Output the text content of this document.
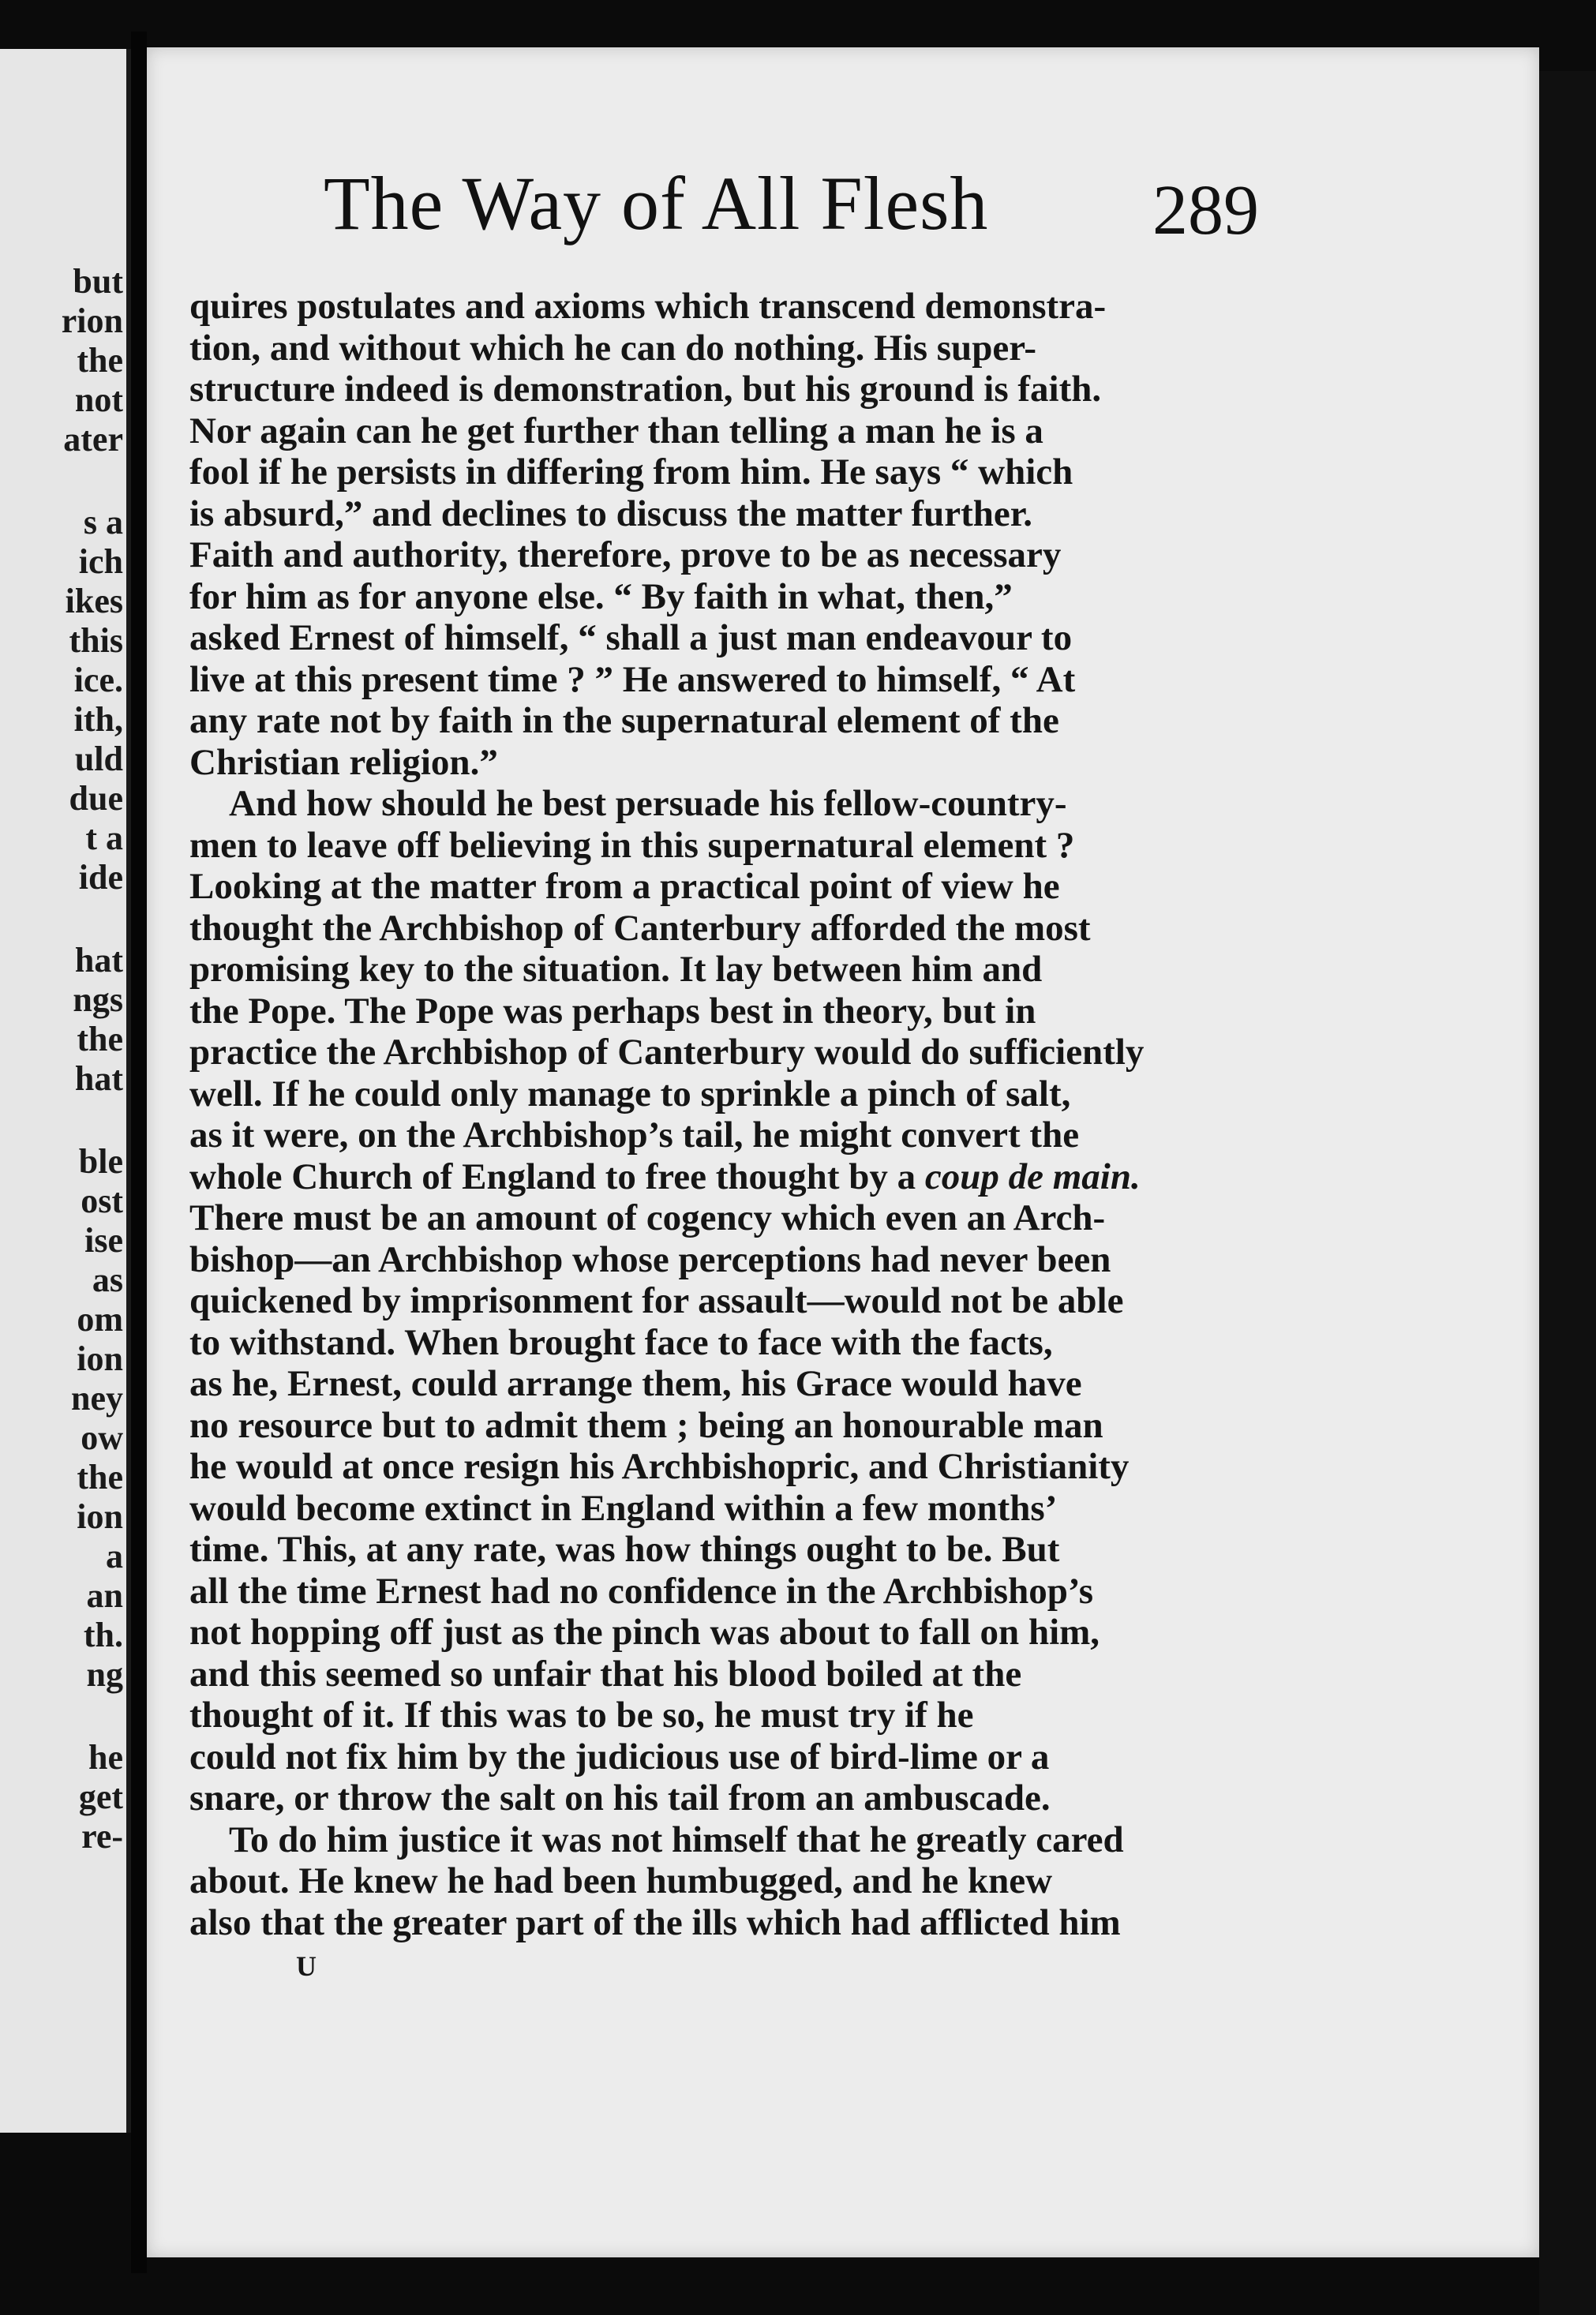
but
rion
the
not
ater
s a
ich
ikes
this
ice.
ith,
uld
due
t a
ide
hat
ngs
the
hat
ble
ost
ise
as
om
ion
ney
ow
the
ion
a
an
th.
ng
he
get
re-
The Way of All Flesh 289
quires postulates and axioms which transcend demonstra-
tion, and without which he can do nothing. His super-
structure indeed is demonstration, but his ground is faith.
Nor again can he get further than telling a man he is a
fool if he persists in differing from him. He says “ which
is absurd,” and declines to discuss the matter further.
Faith and authority, therefore, prove to be as necessary
for him as for anyone else. “ By faith in what, then,”
asked Ernest of himself, “ shall a just man endeavour to
live at this present time ? ” He answered to himself, “ At
any rate not by faith in the supernatural element of the
Christian religion.”
And how should he best persuade his fellow-country-
men to leave off believing in this supernatural element ?
Looking at the matter from a practical point of view he
thought the Archbishop of Canterbury afforded the most
promising key to the situation. It lay between him and
the Pope. The Pope was perhaps best in theory, but in
practice the Archbishop of Canterbury would do sufficiently
well. If he could only manage to sprinkle a pinch of salt,
as it were, on the Archbishop’s tail, he might convert the
whole Church of England to free thought by a coup de main.
There must be an amount of cogency which even an Arch-
bishop—an Archbishop whose perceptions had never been
quickened by imprisonment for assault—would not be able
to withstand. When brought face to face with the facts,
as he, Ernest, could arrange them, his Grace would have
no resource but to admit them ; being an honourable man
he would at once resign his Archbishopric, and Christianity
would become extinct in England within a few months’
time. This, at any rate, was how things ought to be. But
all the time Ernest had no confidence in the Archbishop’s
not hopping off just as the pinch was about to fall on him,
and this seemed so unfair that his blood boiled at the
thought of it. If this was to be so, he must try if he
could not fix him by the judicious use of bird-lime or a
snare, or throw the salt on his tail from an ambuscade.
To do him justice it was not himself that he greatly cared
about. He knew he had been humbugged, and he knew
also that the greater part of the ills which had afflicted him
U
